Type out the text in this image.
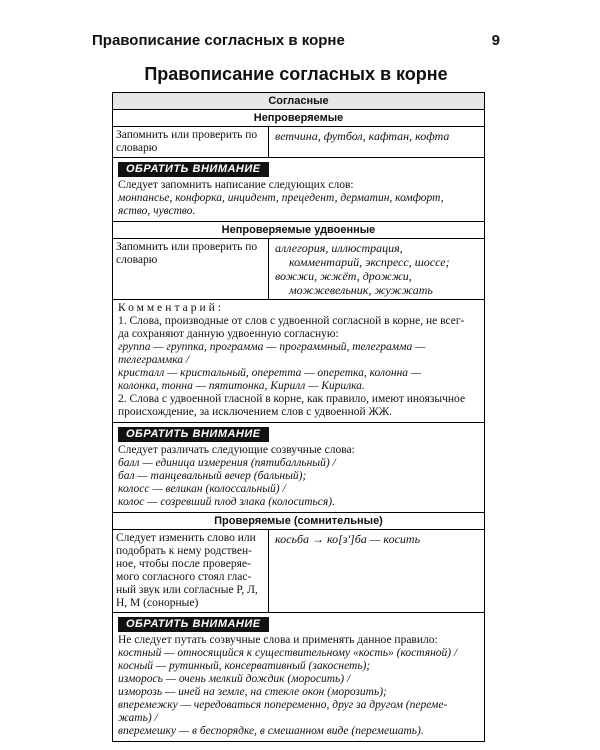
Правописание согласных в корне	9
Правописание согласных в корне
Согласные
Непроверяемые
Запомнить или проверить по словарю

ветчина, футбол, кафтан, кофта

ОБРАТИТЬ ВНИМАНИЕ

Следует запомнить написание следующих слов:

монпансье, конфорка, инцидент, прецедент, дерматин, комфорт,

яство, чувство.

Непроверяемые удвоенные
Запомнить или проверить по словарю

аллегория, иллюстрация,

комментарий, экспресс, шоссе;

вожжи, жжёт, дрожжи,

можжевельник, жужжать

Комментарий:

1. Слова, производные от слов с удвоенной согласной в корне, не всег-

да сохраняют данную удвоенную согласную:

группа — группка, программа — программный, телеграмма —

телеграммка /

кристалл — кристальный, оперетта — оперетка, колонна —

колонка, тонна — пятитонка, Кирилл — Кирилка.

2. Слова с удвоенной гласной в корне, как правило, имеют иноязычное

происхождение, за исключением слов с удвоенной ЖЖ.

ОБРАТИТЬ ВНИМАНИЕ

Следует различать следующие созвучные слова:

балл — единица измерения (пятибалльный) /

бал — танцевальный вечер (бальный);

колосс — великан (колоссальный) /

колос — созревший плод злака (колоситься).

Проверяемые (сомнительные)

Следует изменить слово или

подобрать к нему родствен-

ное, чтобы после проверяе-

мого согласного стоял глас-

ный звук или согласные Р, Л,

Н, М (сонорные)

косьба → ко[з']ба — косить

ОБРАТИТЬ ВНИМАНИЕ

Не следует путать созвучные слова и применять данное правило:

костный — относящийся к существительному «кость» (костяной) /

косный — рутинный, консервативный (закоснеть);

изморось — очень мелкий дождик (моросить) /

изморозь — иней на земле, на стекле окон (морозить);

вперемежку — чередоваться попеременно, друг за другом (переме-

жать) /

вперемешку — в беспорядке, в смешанном виде (перемешать).
